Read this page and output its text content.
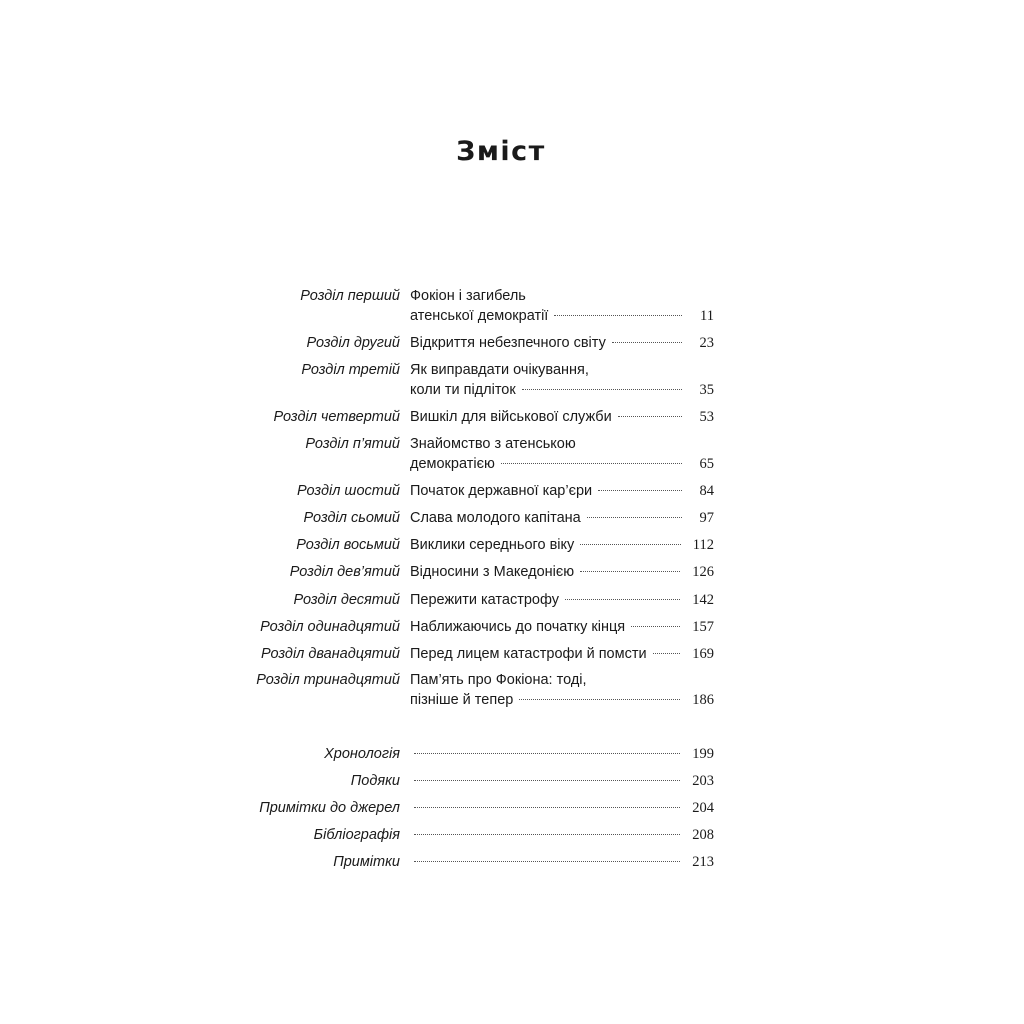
Зміст
Розділ перший Фокіон і загибель
атенської демократії	11
Розділ другий Відкриття небезпечного світу	23
Розділ третій Як виправдати очікування,
коли ти підліток	35
Розділ четвертий Вишкіл для військової служби	53
Розділ п’ятий Знайомство з атенською
демократією	65
Розділ шостий Початок державної кар’єри	84
Розділ сьомий Слава молодого капітана	97
Розділ восьмий Виклики середнього віку	112
Розділ дев’ятий Відносини з Македонією	126
Розділ десятий Пережити катастрофу	142
Розділ одинадцятий Наближаючись до початку кінця	157
Розділ дванадцятий Перед лицем катастрофи й помсти	169
Розділ тринадцятий Пам’ять про Фокіона: тоді,
пізніше й тепер	186
Хронологія	199
Подяки	203
Примітки до джерел	204
Бібліографія	208
Примітки	213
